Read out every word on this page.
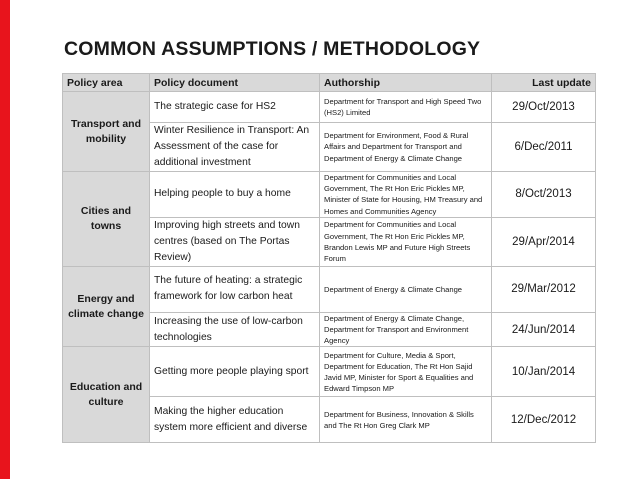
COMMON ASSUMPTIONS / METHODOLOGY
Policy area	Policy document	Authorship	Last update
Transport and mobility	The strategic case for HS2	Department for Transport and High Speed Two (HS2) Limited	29/Oct/2013
	Winter Resilience in Transport: An Assessment of the case for additional investment	Department for Environment, Food & Rural Affairs and Department for Transport and Department of Energy & Climate Change	6/Dec/2011
Cities and towns	Helping people to buy a home	Department for Communities and Local Government, The Rt Hon Eric Pickles MP, Minister of State for Housing, HM Treasury and Homes and Communities Agency	8/Oct/2013
	Improving high streets and town centres (based on The Portas Review)	Department for Communities and Local Government, The Rt Hon Eric Pickles MP, Brandon Lewis MP and Future High Streets Forum	29/Apr/2014
Energy and climate change	The future of heating: a strategic framework for low carbon heat	Department of Energy & Climate Change	29/Mar/2012
	Increasing the use of low-carbon technologies	Department of Energy & Climate Change, Department for Transport and Environment Agency	24/Jun/2014
Education and culture	Getting more people playing sport	Department for Culture, Media & Sport, Department for Education, The Rt Hon Sajid Javid MP, Minister for Sport & Equalities and Edward Timpson MP	10/Jan/2014
	Making the higher education system more efficient and diverse	Department for Business, Innovation & Skills and The Rt Hon Greg Clark MP	12/Dec/2012
